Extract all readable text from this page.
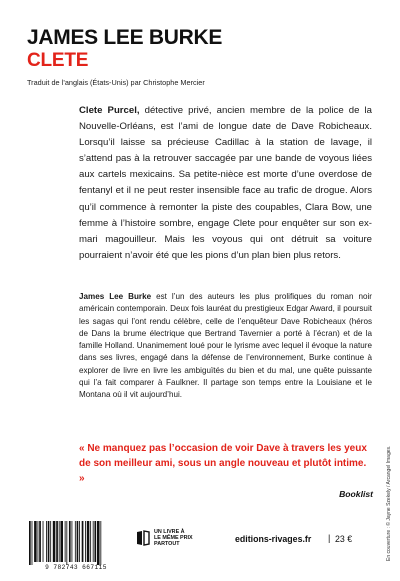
JAMES LEE BURKE
CLETE
Traduit de l’anglais (États-Unis) par Christophe Mercier

Clete Purcel, détective privé, ancien membre de la police de la Nouvelle-Orléans, est l’ami de longue date de Dave Robicheaux. Lorsqu’il laisse sa précieuse Cadillac à la station de lavage, il s’attend pas à la retrouver saccagée par une bande de voyous liées aux cartels mexicains. Sa petite-nièce est morte d’une overdose de fentanyl et il ne peut rester insensible face au trafic de drogue. Alors qu’il commence à remonter la piste des coupables, Clara Bow, une femme à l’histoire sombre, engage Clete pour enquêter sur son ex-mari magouilleur. Mais les voyous qui ont détruit sa voiture pourraient n’avoir été que les pions d’un plan bien plus retors.

James Lee Burke est l’un des auteurs les plus prolifiques du roman noir américain contemporain. Deux fois lauréat du prestigieux Edgar Award, il poursuit les sagas qui l’ont rendu célèbre, celle de l’enquêteur Dave Robicheaux (héros de Dans la brume électrique que Bertrand Tavernier a porté à l’écran) et de la famille Holland. Unanimement loué pour le lyrisme avec lequel il évoque la nature dans ses livres, engagé dans la défense de l’environnement, Burke continue à explorer de livre en livre les ambiguïtés du bien et du mal, une quête puissante qui l’a fait comparer à Faulkner. Il partage son temps entre la Louisiane et le Montana où il vit aujourd’hui.

« Ne manquez pas l’occasion de voir Dave à travers les yeux de son meilleur ami, sous un angle nouveau et plutôt intime. »

Booklist
9 782743 667115
UN LIVRE À
LE MÊME PRIX
PARTOUT	editions-rivages.fr | 23 €	En couverture : © Jayne Szekely / Arcangel Images.
